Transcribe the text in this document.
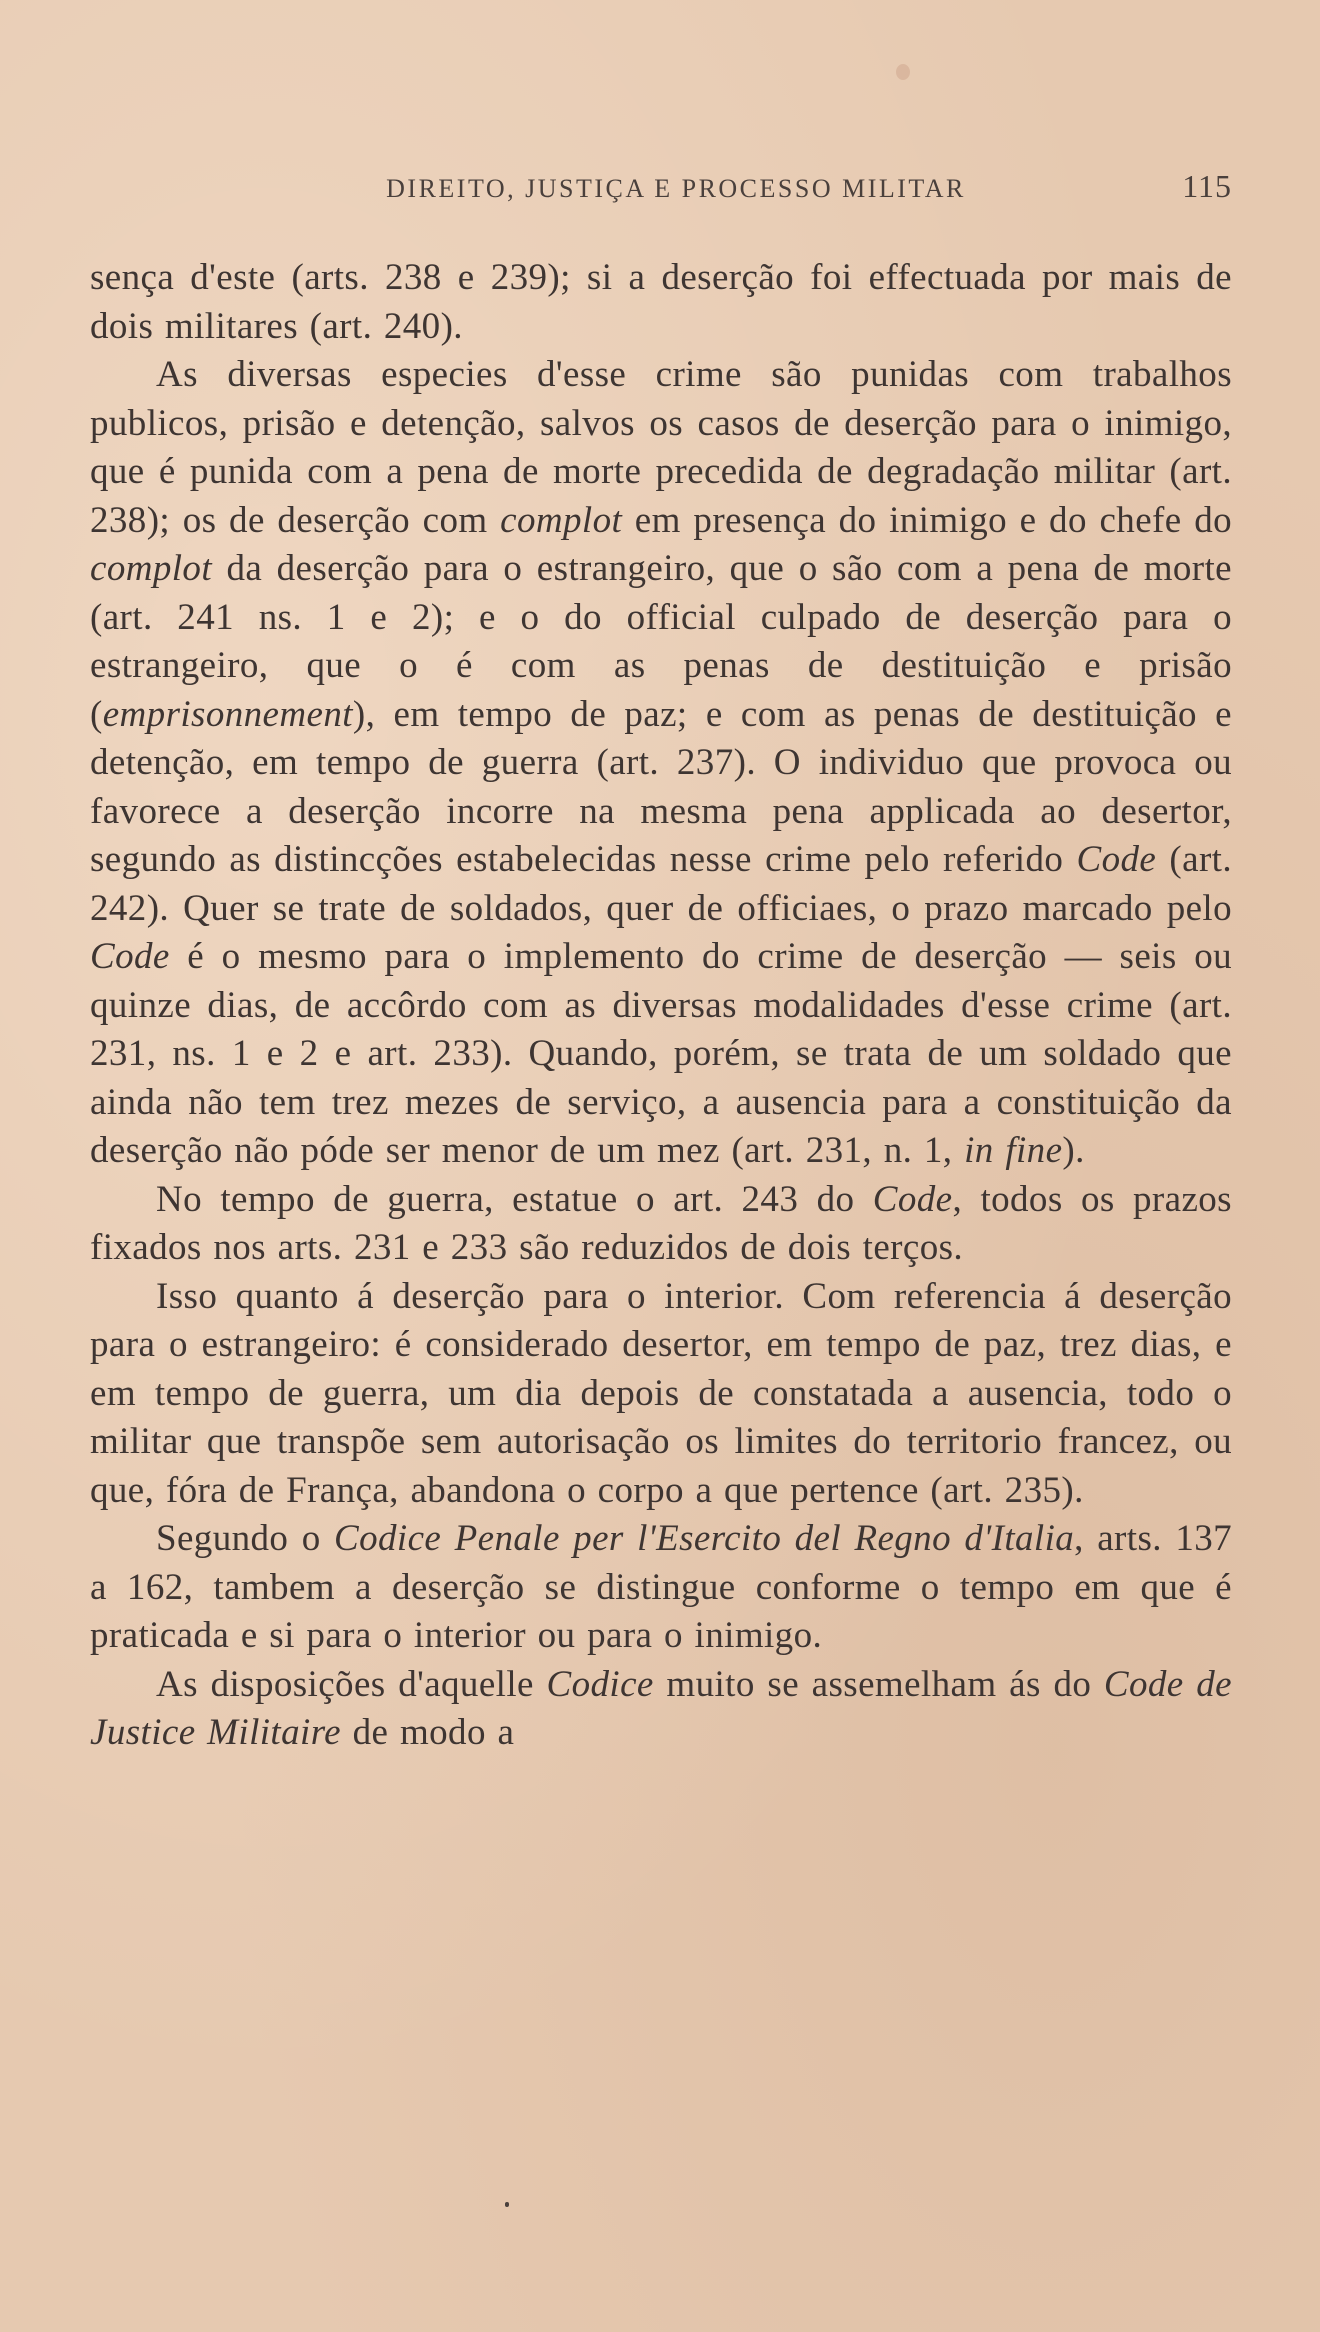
DIREITO, JUSTIÇA E PROCESSO MILITAR	115

sença d'este (arts. 238 e 239); si a deserção foi effectuada por mais de dois militares (art. 240).

As diversas especies d'esse crime são punidas com trabalhos publicos, prisão e detenção, salvos os casos de deserção para o inimigo, que é punida com a pena de morte precedida de degradação militar (art. 238); os de deserção com complot em presença do inimigo e do chefe do complot da deserção para o estrangeiro, que o são com a pena de morte (art. 241 ns. 1 e 2); e o do official culpado de deserção para o estrangeiro, que o é com as penas de destituição e prisão (emprisonnement), em tempo de paz; e com as penas de destituição e detenção, em tempo de guerra (art. 237). O individuo que provoca ou favorece a deserção incorre na mesma pena applicada ao desertor, segundo as distincções estabelecidas nesse crime pelo referido Code (art. 242). Quer se trate de soldados, quer de officiaes, o prazo marcado pelo Code é o mesmo para o implemento do crime de deserção — seis ou quinze dias, de accôrdo com as diversas modalidades d'esse crime (art. 231, ns. 1 e 2 e art. 233). Quando, porém, se trata de um soldado que ainda não tem trez mezes de serviço, a ausencia para a constituição da deserção não póde ser menor de um mez (art. 231, n. 1, in fine).

No tempo de guerra, estatue o art. 243 do Code, todos os prazos fixados nos arts. 231 e 233 são reduzidos de dois terços.

Isso quanto á deserção para o interior. Com referencia á deserção para o estrangeiro: é considerado desertor, em tempo de paz, trez dias, e em tempo de guerra, um dia depois de constatada a ausencia, todo o militar que transpõe sem autorisação os limites do territorio francez, ou que, fóra de França, abandona o corpo a que pertence (art. 235).

Segundo o Codice Penale per l'Esercito del Regno d'Italia, arts. 137 a 162, tambem a deserção se distingue conforme o tempo em que é praticada e si para o interior ou para o inimigo.

As disposições d'aquelle Codice muito se assemelham ás do Code de Justice Militaire de modo a
